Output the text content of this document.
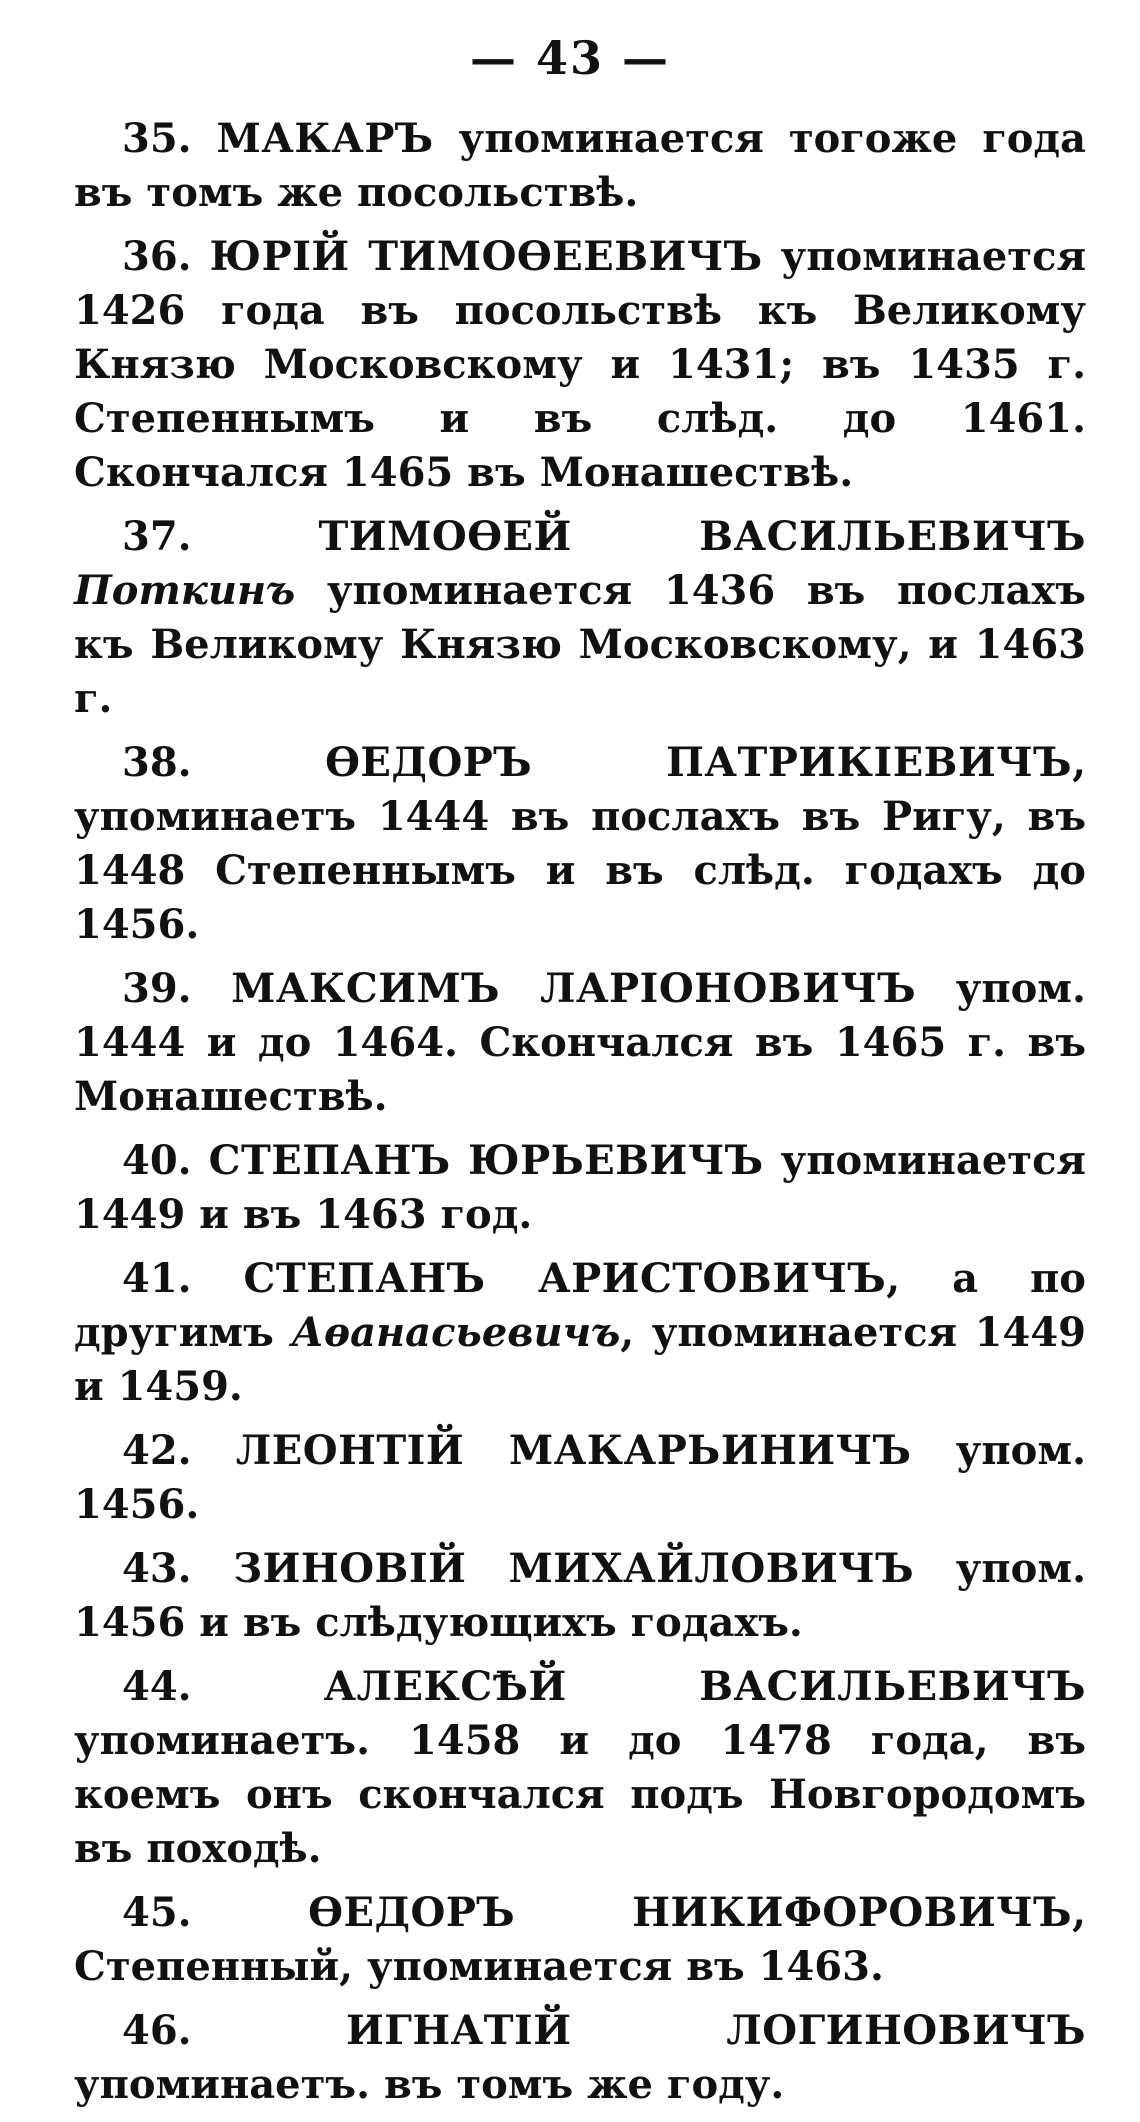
— 43 —

35. МАКАРЪ упоминается тогоже года въ томъ же посольствѣ.

36. ЮРІЙ ТИМОѲЕЕВИЧЪ упоминается 1426 года въ посольствѣ къ Великому Князю Московскому и 1431; въ 1435 г. Степеннымъ и въ слѣд. до 1461. Скончался 1465 въ Монашествѣ.

37.	ТИМОѲЕЙ ВАСИЛЬЕВИЧЪ Поткинъ упоминается 1436 въ послахъ къ Великому Князю Московскому, и 1463 г.

38.	ѲЕДОРЪ ПАТРИКІЕВИЧЪ, упоминаетъ 1444 въ послахъ въ Ригу, въ 1448 Степеннымъ и въ слѣд. годахъ до 1456.

39. МАКСИМЪ ЛАРІОНОВИЧЪ упом. 1444 и до 1464. Скончался въ 1465 г. въ Монашествѣ.

40. СТЕПАНЪ ЮРЬЕВИЧЪ упоминается 1449 и въ 1463 год.

41. СТЕПАНЪ АРИСТОВИЧЪ, а по другимъ Аѳанасьевичъ, упоминается 1449 и 1459.

42. ЛЕОНТІЙ МАКАРЬИНИЧЪ упом. 1456.

43. ЗИНОВІЙ МИХАЙЛОВИЧЪ упом. 1456 и въ слѣдующихъ годахъ.

44.	АЛЕКСѢЙ ВАСИЛЬЕВИЧЪ упоминаетъ. 1458 и до 1478 года, въ коемъ онъ скончался подъ Новгородомъ въ походѣ.

45.	ѲЕДОРЪ НИКИФОРОВИЧЪ, Степенный, упоминается въ 1463.

46.	ИГНАТІЙ ЛОГИНОВИЧЪ упоминаетъ. въ томъ же году.
